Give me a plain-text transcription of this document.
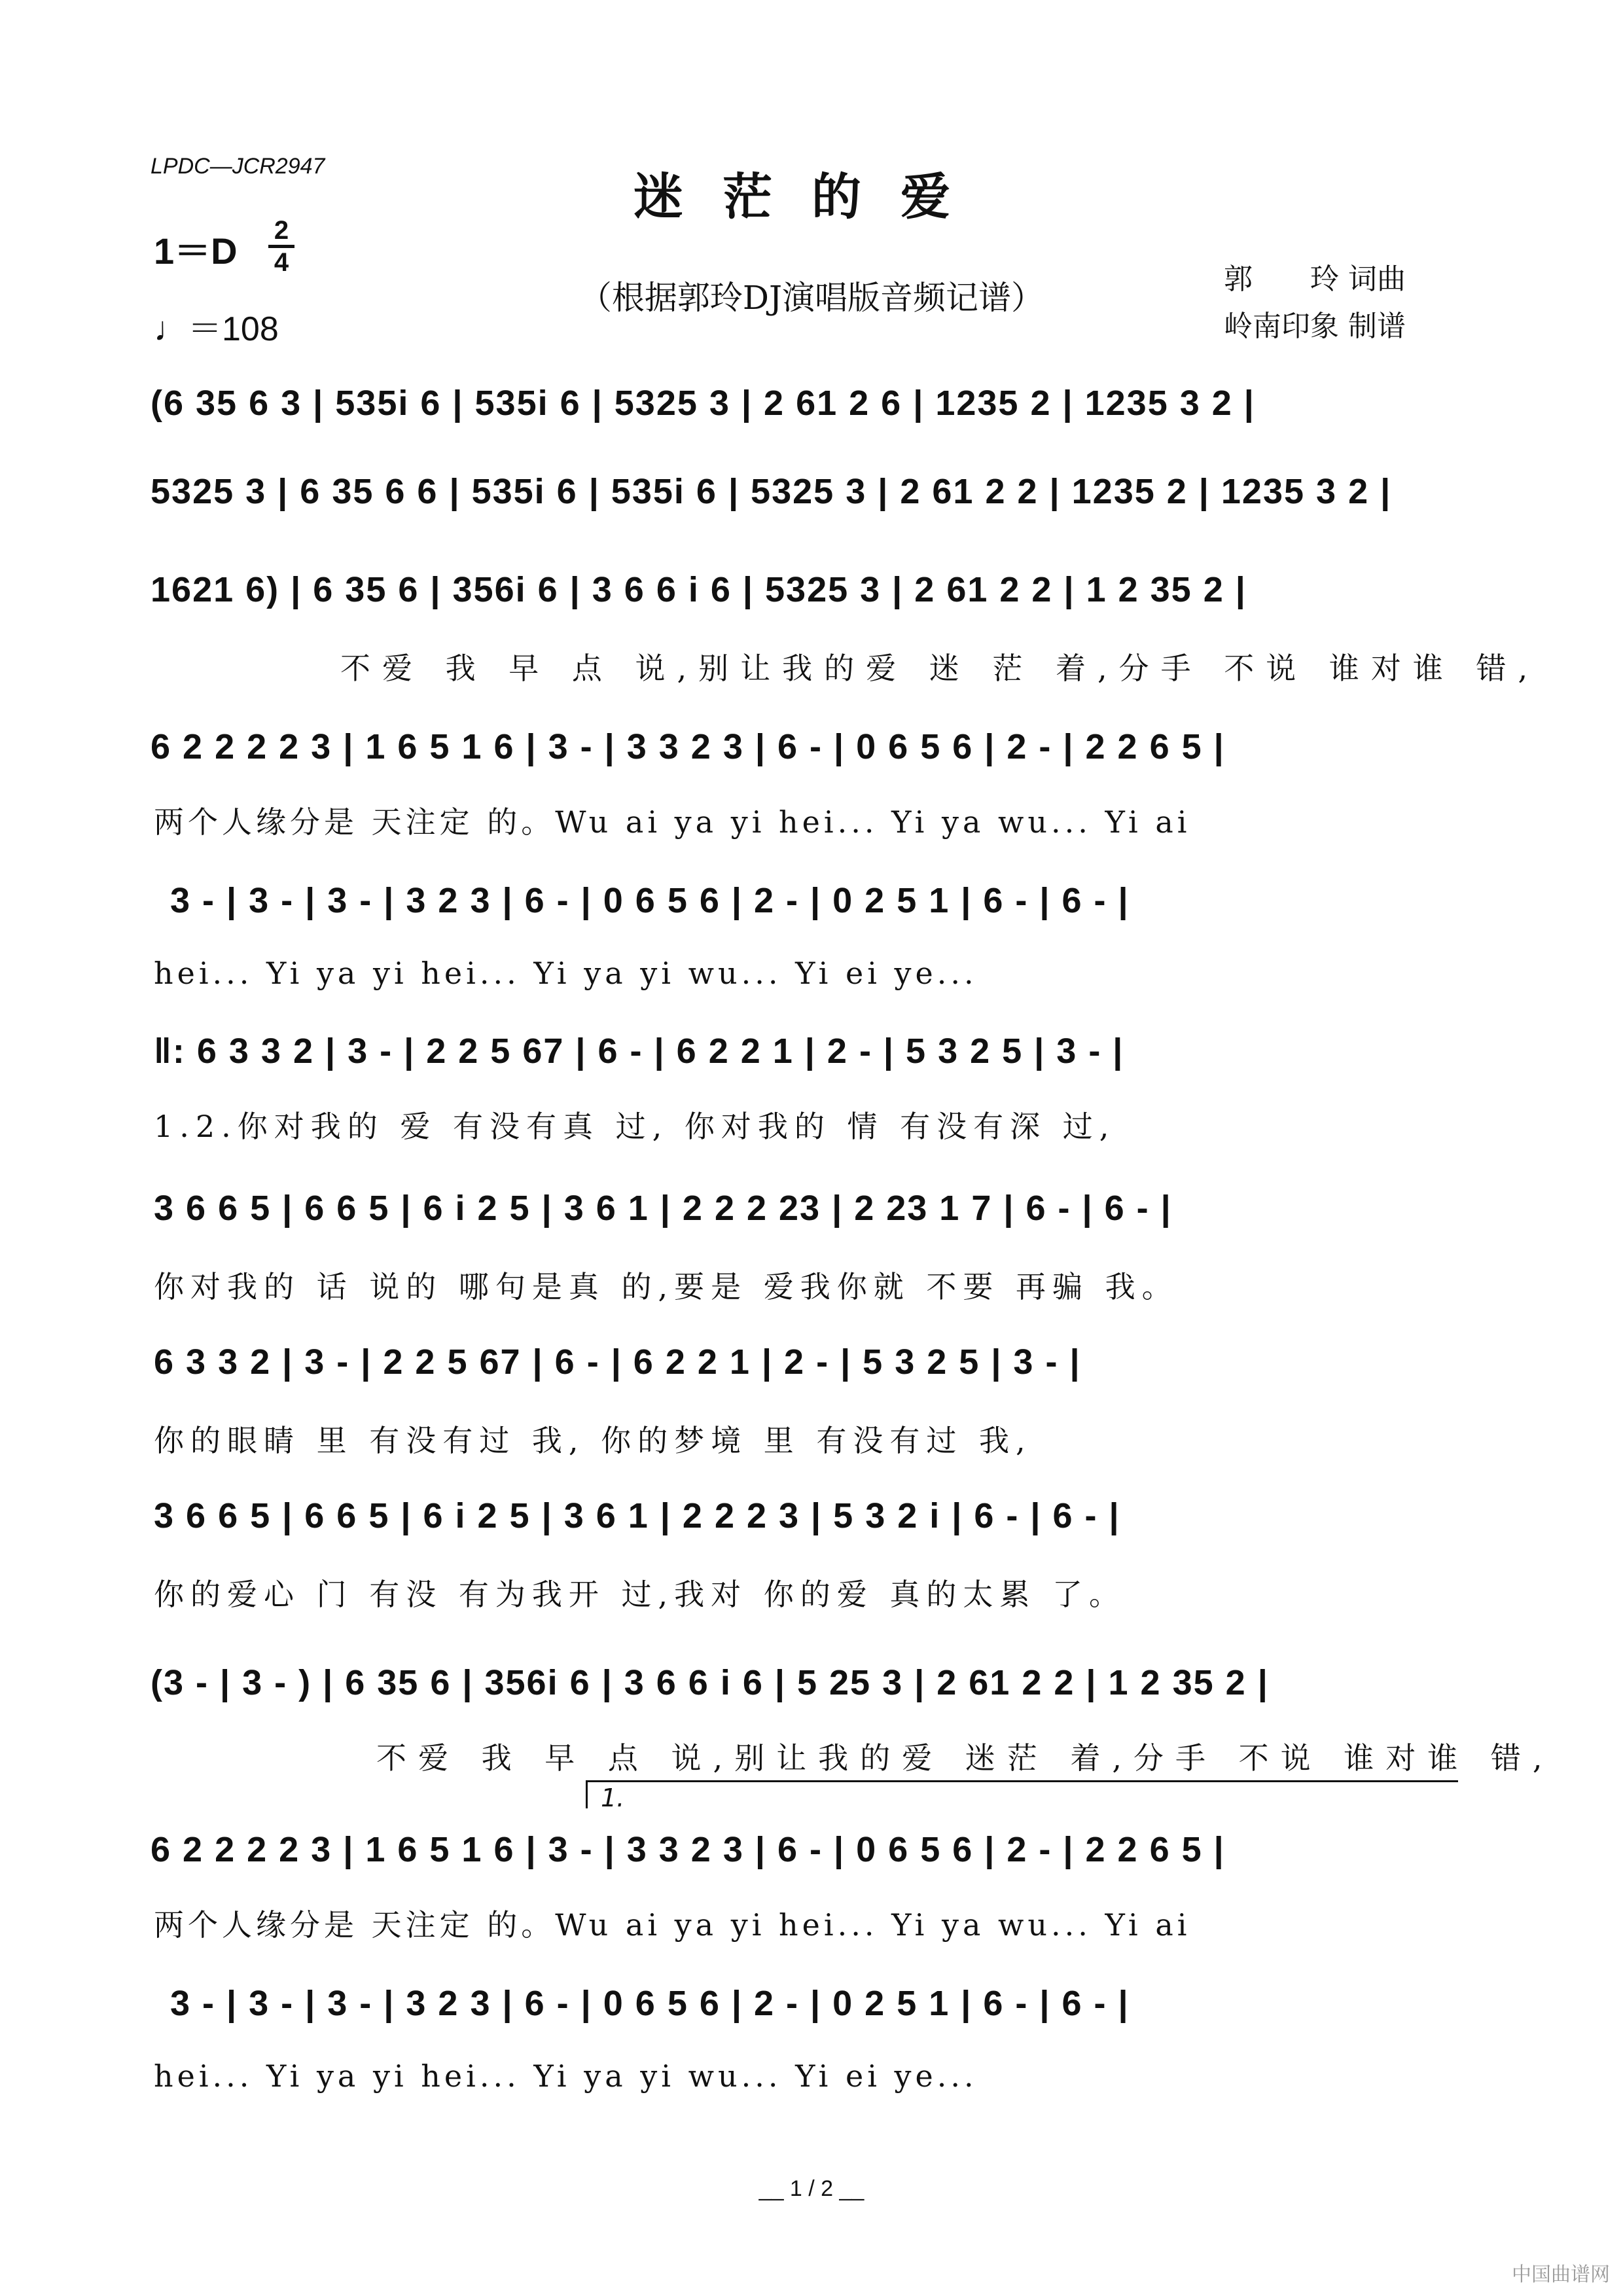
LPDC—JCR2947
迷茫的爱
1＝D 2
4
♩＝108
（根据郭玲DJ演唱版音频记谱）	郭　　玲 词曲
岭南印象 制谱
(6 35 6 3 | 535i 6 | 535i 6 | 5325 3 | 2 61 2 6 | 1235 2 | 1235 3 2 |
5325 3 | 6 35 6 6 | 535i 6 | 535i 6 | 5325 3 | 2 61 2 2 | 1235 2 | 1235 3 2 |
1621 6) | 6 35 6 | 356i 6 | 3 6 6 i 6 | 5325 3 | 2 61 2 2 | 1 2 35 2 |
不爱 我 早 点 说,别让我的爱 迷 茫 着,分手 不说 谁对谁 错,
6 2 2 2 2 3 | 1 6 5 1 6 | 3 - | 3 3 2 3 | 6 - | 0 6 5 6 | 2 - | 2 2 6 5 |
两个人缘分是 天注定 的。Wu ai ya yi hei... Yi ya wu... Yi ai
3 - | 3 - | 3 - | 3 2 3 | 6 - | 0 6 5 6 | 2 - | 0 2 5 1 | 6 - | 6 - |
hei... Yi ya yi hei... Yi ya yi wu... Yi ei ye...
‖: 6 3 3 2 | 3 - | 2 2 5 67 | 6 - | 6 2 2 1 | 2 - | 5 3 2 5 | 3 - |
1.2.你对我的 爱 有没有真 过, 你对我的 情 有没有深 过,
3 6 6 5 | 6 6 5 | 6 i 2 5 | 3 6 1 | 2 2 2 23 | 2 23 1 7 | 6 - | 6 - |
你对我的 话 说的 哪句是真 的,要是 爱我你就 不要 再骗 我。
6 3 3 2 | 3 - | 2 2 5 67 | 6 - | 6 2 2 1 | 2 - | 5 3 2 5 | 3 - |
你的眼睛 里 有没有过 我, 你的梦境 里 有没有过 我,
3 6 6 5 | 6 6 5 | 6 i 2 5 | 3 6 1 | 2 2 2 3 | 5 3 2 i | 6 - | 6 - |
你的爱心 门 有没 有为我开 过,我对 你的爱 真的太累 了。
(3 - | 3 - ) | 6 35 6 | 356i 6 | 3 6 6 i 6 | 5 25 3 | 2 61 2 2 | 1 2 35 2 |
不爱 我 早 点 说,别让我的爱 迷茫 着,分手 不说 谁对谁 错,
1.
6 2 2 2 2 3 | 1 6 5 1 6 | 3 - | 3 3 2 3 | 6 - | 0 6 5 6 | 2 - | 2 2 6 5 |
两个人缘分是 天注定 的。Wu ai ya yi hei... Yi ya wu... Yi ai
3 - | 3 - | 3 - | 3 2 3 | 6 - | 0 6 5 6 | 2 - | 0 2 5 1 | 6 - | 6 - |
hei... Yi ya yi hei... Yi ya yi wu... Yi ei ye...
__ 1 / 2 __
中国曲谱网
